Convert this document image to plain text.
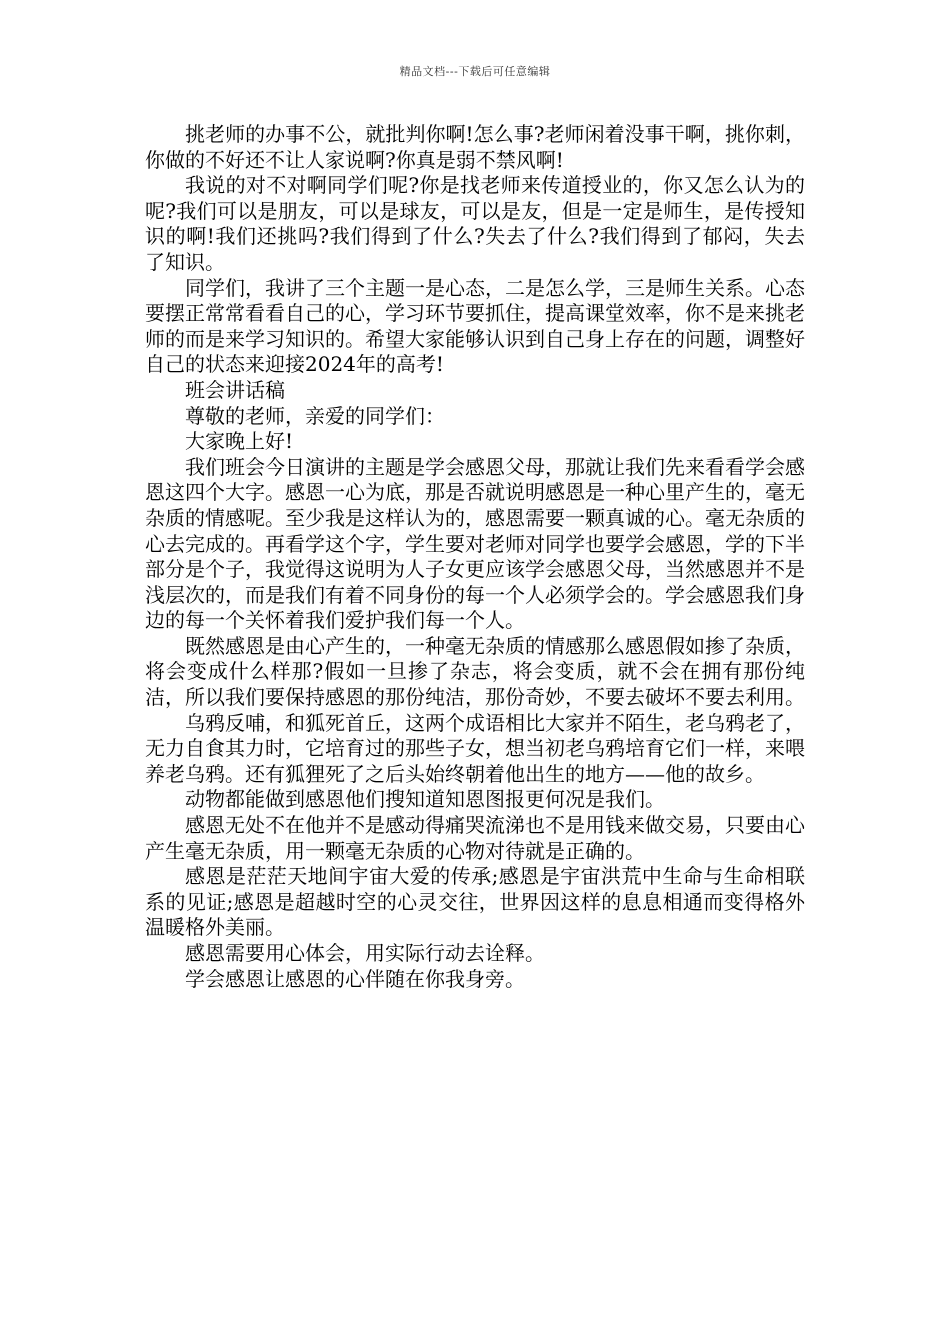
精品文档---下载后可任意编辑

挑老师的办事不公，就批判你啊!怎么事?老师闲着没事干啊，挑你刺，你做的不好还不让人家说啊?你真是弱不禁风啊!

我说的对不对啊同学们呢?你是找老师来传道授业的，你又怎么认为的呢?我们可以是朋友，可以是球友，可以是友，但是一定是师生，是传授知识的啊!我们还挑吗?我们得到了什么?失去了什么?我们得到了郁闷，失去了知识。

同学们，我讲了三个主题一是心态，二是怎么学，三是师生关系。心态要摆正常常看看自己的心，学习环节要抓住，提高课堂效率，你不是来挑老师的而是来学习知识的。希望大家能够认识到自己身上存在的问题，调整好自己的状态来迎接2024年的高考!

班会讲话稿

尊敬的老师，亲爱的同学们：

大家晚上好!

我们班会今日演讲的主题是学会感恩父母，那就让我们先来看看学会感恩这四个大字。感恩一心为底，那是否就说明感恩是一种心里产生的，毫无杂质的情感呢。至少我是这样认为的，感恩需要一颗真诚的心。毫无杂质的心去完成的。再看学这个字，学生要对老师对同学也要学会感恩，学的下半部分是个子，我觉得这说明为人子女更应该学会感恩父母，当然感恩并不是浅层次的，而是我们有着不同身份的每一个人必须学会的。学会感恩我们身边的每一个关怀着我们爱护我们每一个人。

既然感恩是由心产生的，一种毫无杂质的情感那么感恩假如掺了杂质，将会变成什么样那?假如一旦掺了杂志，将会变质，就不会在拥有那份纯洁，所以我们要保持感恩的那份纯洁，那份奇妙，不要去破坏不要去利用。

乌鸦反哺，和狐死首丘，这两个成语相比大家并不陌生，老乌鸦老了，无力自食其力时，它培育过的那些子女，想当初老乌鸦培育它们一样，来喂养老乌鸦。还有狐狸死了之后头始终朝着他出生的地方——他的故乡。

动物都能做到感恩他们搜知道知恩图报更何况是我们。

感恩无处不在他并不是感动得痛哭流涕也不是用钱来做交易，只要由心产生毫无杂质，用一颗毫无杂质的心物对待就是正确的。

感恩是茫茫天地间宇宙大爱的传承;感恩是宇宙洪荒中生命与生命相联系的见证;感恩是超越时空的心灵交往，世界因这样的息息相通而变得格外温暖格外美丽。

感恩需要用心体会，用实际行动去诠释。

学会感恩让感恩的心伴随在你我身旁。
